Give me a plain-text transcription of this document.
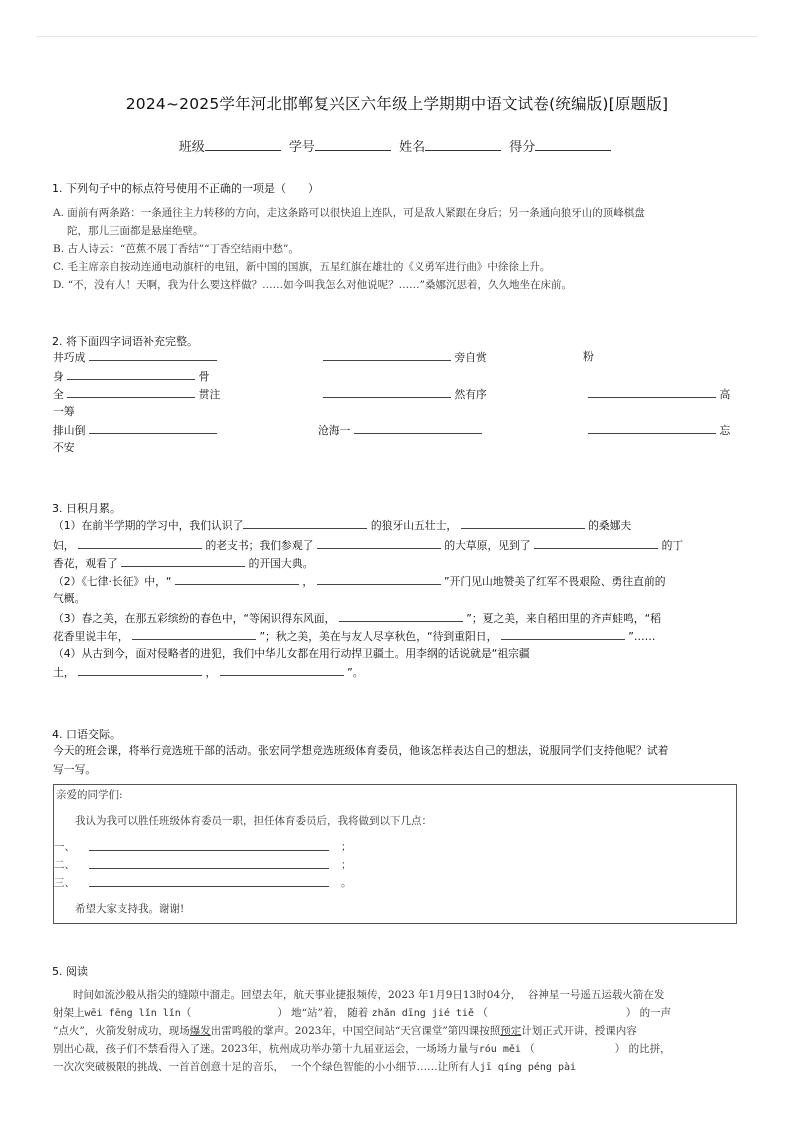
2024~2025学年河北邯郸复兴区六年级上学期期中语文试卷(统编版)[原题版]
班级	学号	姓名	得分
1. 下列句子中的标点符号使用不正确的一项是（　　）
A. 面前有两条路：一条通往主力转移的方向，走这条路可以很快追上连队，可是敌人紧跟在身后；另一条通向狼牙山的顶峰棋盘
陀，那儿三面都是悬崖绝壁。
B. 古人诗云：“芭蕉不展丁香结”“丁香空结雨中愁”。
C. 毛主席亲自按动连通电动旗杆的电钮，新中国的国旗，五星红旗在雄壮的《义勇军进行曲》中徐徐上升。
D. “不，没有人！天啊，我为什么要这样做？……如今叫我怎么对他说呢？……”桑娜沉思着，久久地坐在床前。
2. 将下面四字词语补充完整。
井巧成	旁自赏	粉
身	骨
全	贯注	然有序	高
一筹
排山倒	沧海一	忘
不安
3. 日积月累。
（1）在前半学期的学习中，我们认识了	的狼牙山五壮士，	的桑娜夫
妇，	的老支书；我们参观了	的大草原，见到了	的丁
香花，观看了	的开国大典。
（2）《七律·长征》中，“	，	”开门见山地赞美了红军不畏艰险、勇往直前的
气概。
（3）春之美，在那五彩缤纷的春色中，“等闲识得东风面，	”；夏之美，来自稻田里的齐声蛙鸣，“稻
花香里说丰年，	”；秋之美，美在与友人尽享秋色，“待到重阳日，	”……
（4）从古到今，面对侵略者的进犯，我们中华儿女都在用行动捍卫疆土。用李纲的话说就是“祖宗疆
土，	，	”。
4. 口语交际。
今天的班会课，将举行竞选班干部的活动。张宏同学想竞选班级体育委员，他该怎样表达自己的想法，说服同学们支持他呢？试着
写一写。
亲爱的同学们:
我认为我可以胜任班级体育委员一职，担任体育委员后，我将做到以下几点：
一、	；
二、	；
三、	。
希望大家支持我。谢谢!
5. 阅读
时间如流沙般从指尖的缝隙中溜走。回望去年，航天事业捷报频传，2023 年1月9日13时04分， 谷神星一号遥五运载火箭在发
射架上wēi fēng lǐn lǐn（	） 地“站”着， 随着 zhǎn dīng jié tiě （	） 的一声
“点火”，火箭发射成功，现场爆发出雷鸣般的掌声。2023年，中国空间站“天宫课堂”第四课按照预定计划正式开讲，授课内容
别出心裁，孩子们不禁看得入了迷。2023年，杭州成功举办第十九届亚运会，一场场力量与róu měi （	） 的比拼，
一次次突破极限的挑战、一首首创意十足的音乐， 一个个绿色智能的小小细节……让所有人jī qíng péng pài
